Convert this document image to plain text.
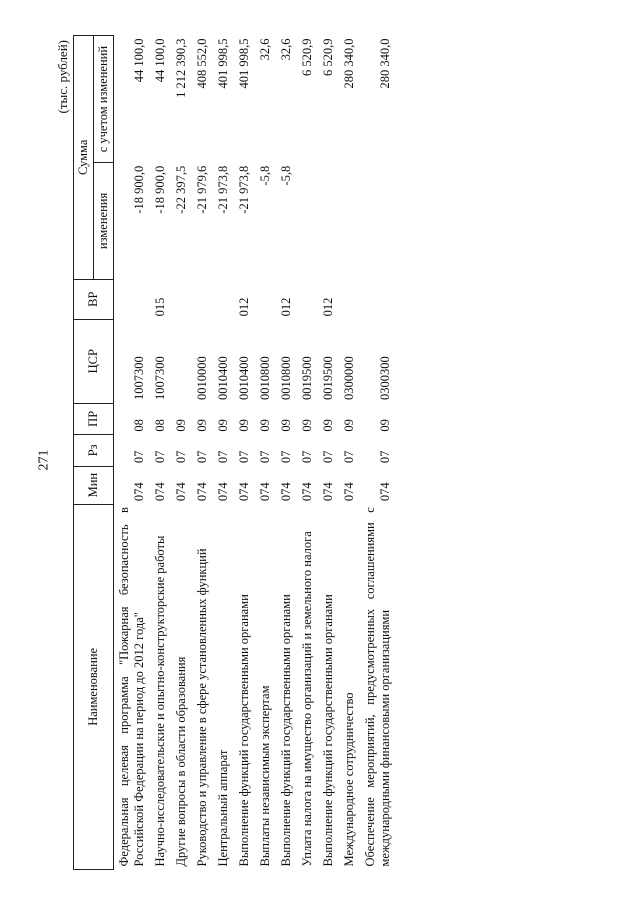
271
(тыс. рублей)
Наименование	Мин	Рз	ПР	ЦСР	ВР	Сумма	
						изменения	с учетом изменений
Федеральная целевая программа "Пожарная безопасность в Российской Федерации на период до 2012 года"	074	07	08	1007300		-18 900,0	44 100,0
Научно-исследовательские и опытно-конструкторские работы	074	07	08	1007300	015	-18 900,0	44 100,0
Другие вопросы в области образования	074	07	09			-22 397,5	1 212 390,3
Руководство и управление в сфере установленных функций	074	07	09	0010000		-21 979,6	408 552,0
Центральный аппарат	074	07	09	0010400		-21 973,8	401 998,5
Выполнение функций государственными органами	074	07	09	0010400	012	-21 973,8	401 998,5
Выплаты независимым экспертам	074	07	09	0010800		-5,8	32,6
Выполнение функций государственными органами	074	07	09	0010800	012	-5,8	32,6
Уплата налога на имущество организаций и земельного налога	074	07	09	0019500			6 520,9
Выполнение функций государственными органами	074	07	09	0019500	012		6 520,9
Международное сотрудничество	074	07	09	0300000			280 340,0
Обеспечение мероприятий, предусмотренных соглашениями с международными финансовыми организациями	074	07	09	0300300			280 340,0
